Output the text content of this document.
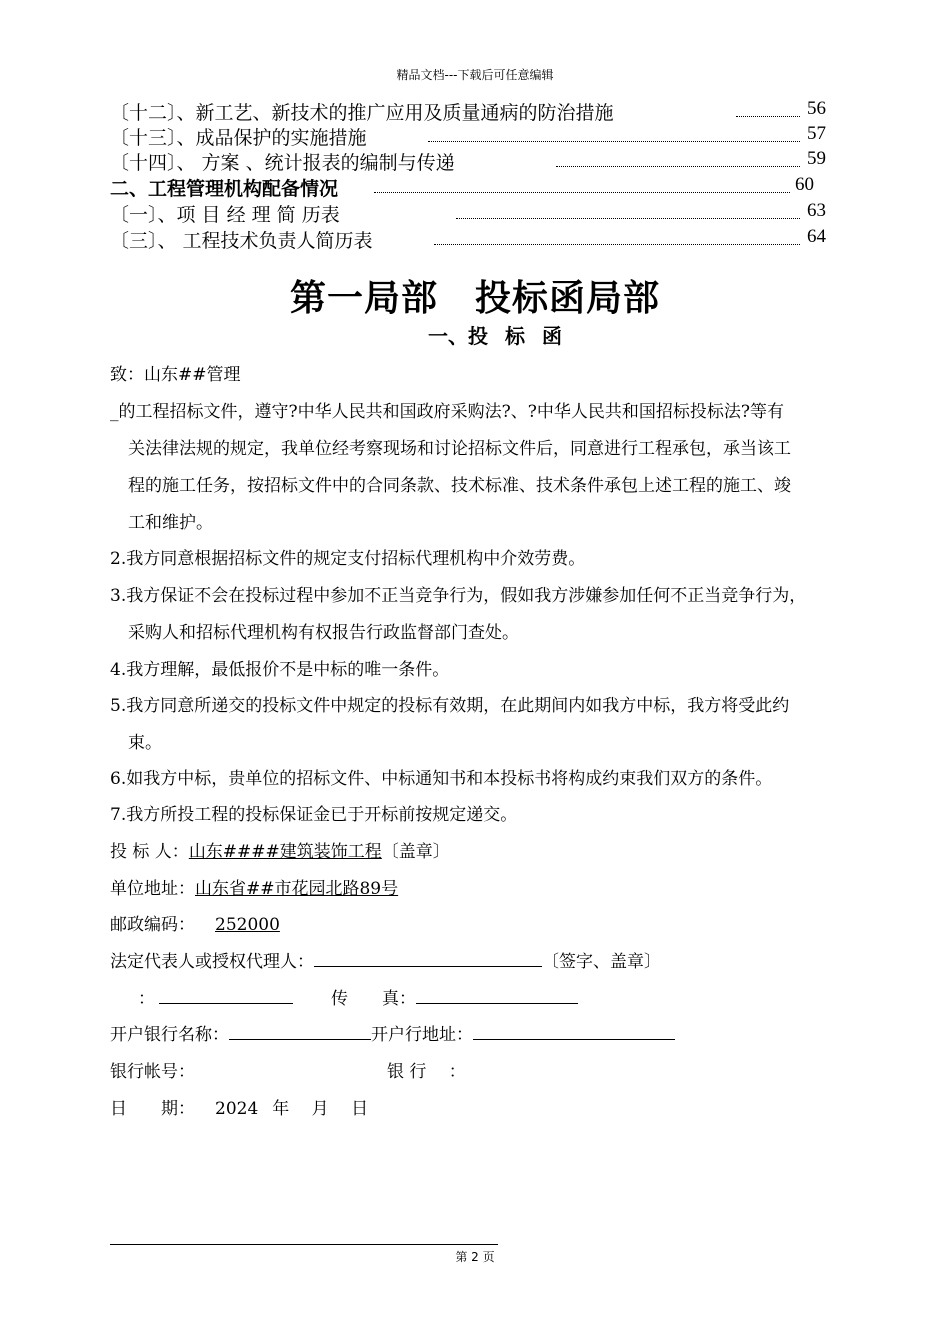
精品文档---下载后可任意编辑
〔十二〕、新工艺、新技术的推广应用及质量通病的防治措施	56
〔十三〕、成品保护的实施措施	57
〔十四〕、 方案 、统计报表的编制与传递	59
二、工程管理机构配备情况	60
〔一〕、项 目 经 理 简 历表	63
〔三〕、 工程技术负责人简历表	64
第一局部　投标函局部
一、投 标 函
致：山东##管理
_的工程招标文件，遵守?中华人民共和国政府采购法?、?中华人民共和国招标投标法?等有
关法律法规的规定，我单位经考察现场和讨论招标文件后，同意进行工程承包，承当该工
程的施工任务，按招标文件中的合同条款、技术标准、技术条件承包上述工程的施工、竣
工和维护。
2.我方同意根据招标文件的规定支付招标代理机构中介效劳费。
3.我方保证不会在投标过程中参加不正当竞争行为，假如我方涉嫌参加任何不正当竞争行为，
采购人和招标代理机构有权报告行政监督部门查处。
4.我方理解，最低报价不是中标的唯一条件。
5.我方同意所递交的投标文件中规定的投标有效期，在此期间内如我方中标，我方将受此约
束。
6.如我方中标，贵单位的招标文件、中标通知书和本投标书将构成约束我们双方的条件。
7.我方所投工程的投标保证金已于开标前按规定递交。
投 标 人：山东####建筑装饰工程〔盖章〕
单位地址：山东省##市花园北路89号
邮政编码： 252000
法定代表人或授权代理人：	〔签字、盖章〕
：	传　　真：
开户银行名称：	开户行地址：
银行帐号：	银 行　 ：
日　　期： 2024 年　 月　 日
第 2 页
